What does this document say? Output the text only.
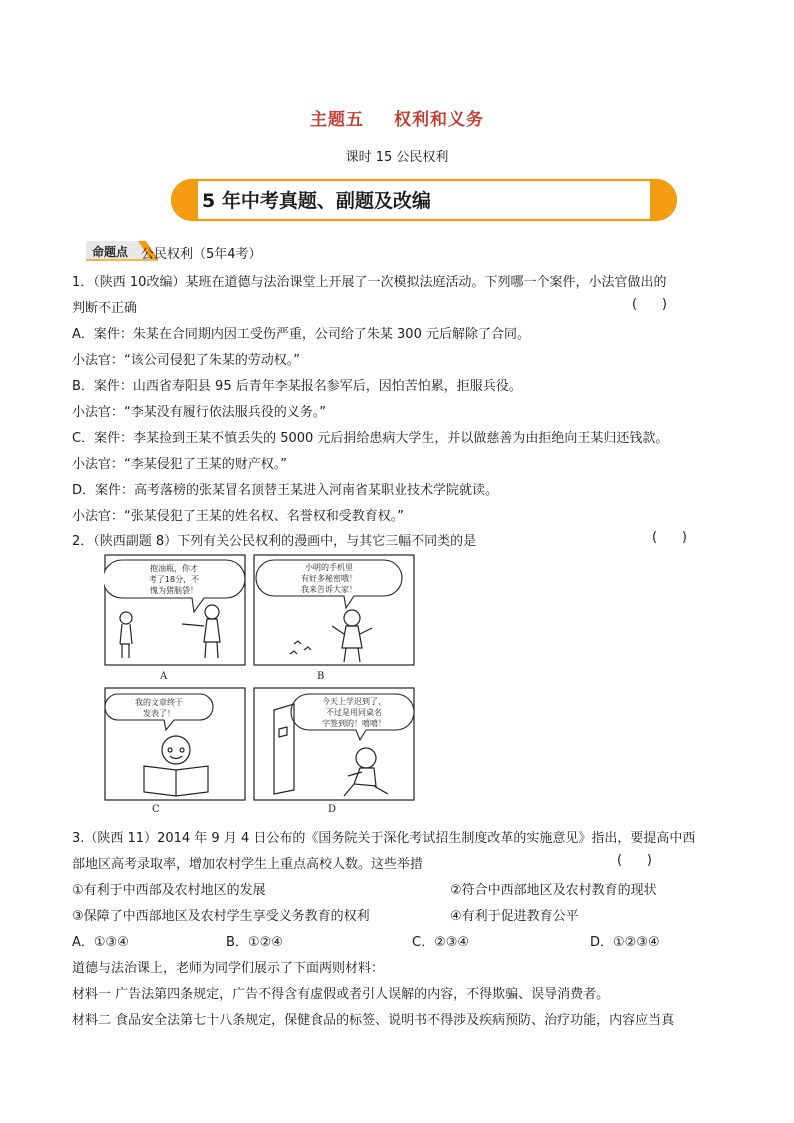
主题五 权利和义务
课时 15 公民权利
5 年中考真题、副题及改编
命题点 公民权利（5年4考）
1．（陕西 10改编）某班在道德与法治课堂上开展了一次模拟法庭活动。下列哪一个案件，小法官做出的
判断不正确	(      )
A．案件：朱某在合同期内因工受伤严重，公司给了朱某 300 元后解除了合同。
小法官：“该公司侵犯了朱某的劳动权。”
B．案件：山西省寿阳县 95 后青年李某报名参军后，因怕苦怕累，拒服兵役。
小法官：“李某没有履行依法服兵役的义务。”
C．案件：李某捡到王某不慎丢失的 5000 元后捐给患病大学生，并以做慈善为由拒绝向王某归还钱款。
小法官：“李某侵犯了王某的财产权。”
D．案件：高考落榜的张某冒名顶替王某进入河南省某职业技术学院就读。
小法官：“张某侵犯了王某的姓名权、名誉权和受教育权。”
2．（陕西副题 8）下列有关公民权利的漫画中，与其它三幅不同类的是	(      )
抱油瓶，你才
考了18分，不
愧为猪脑袋！
A
小明的手机里
有好多秘密哦！
我来告诉大家！
B
我的文章终于
发表了！
今天上学迟到了，
不过是用同桌名
字签到的！嘻嘻！
C	D
3.（陕西 11）2014 年 9 月 4 日公布的《国务院关于深化考试招生制度改革的实施意见》指出，要提高中西
部地区高考录取率，增加农村学生上重点高校人数。这些举措	(      )
①有利于中西部及农村地区的发展	②符合中西部地区及农村教育的现状
③保障了中西部地区及农村学生享受义务教育的权利	④有利于促进教育公平
A．①③④	B．①②④	C．②③④	D．①②③④
道德与法治课上，老师为同学们展示了下面两则材料：
材料一 广告法第四条规定，广告不得含有虚假或者引人误解的内容，不得欺骗、误导消费者。
材料二 食品安全法第七十八条规定，保健食品的标签、说明书不得涉及疾病预防、治疗功能，内容应当真
